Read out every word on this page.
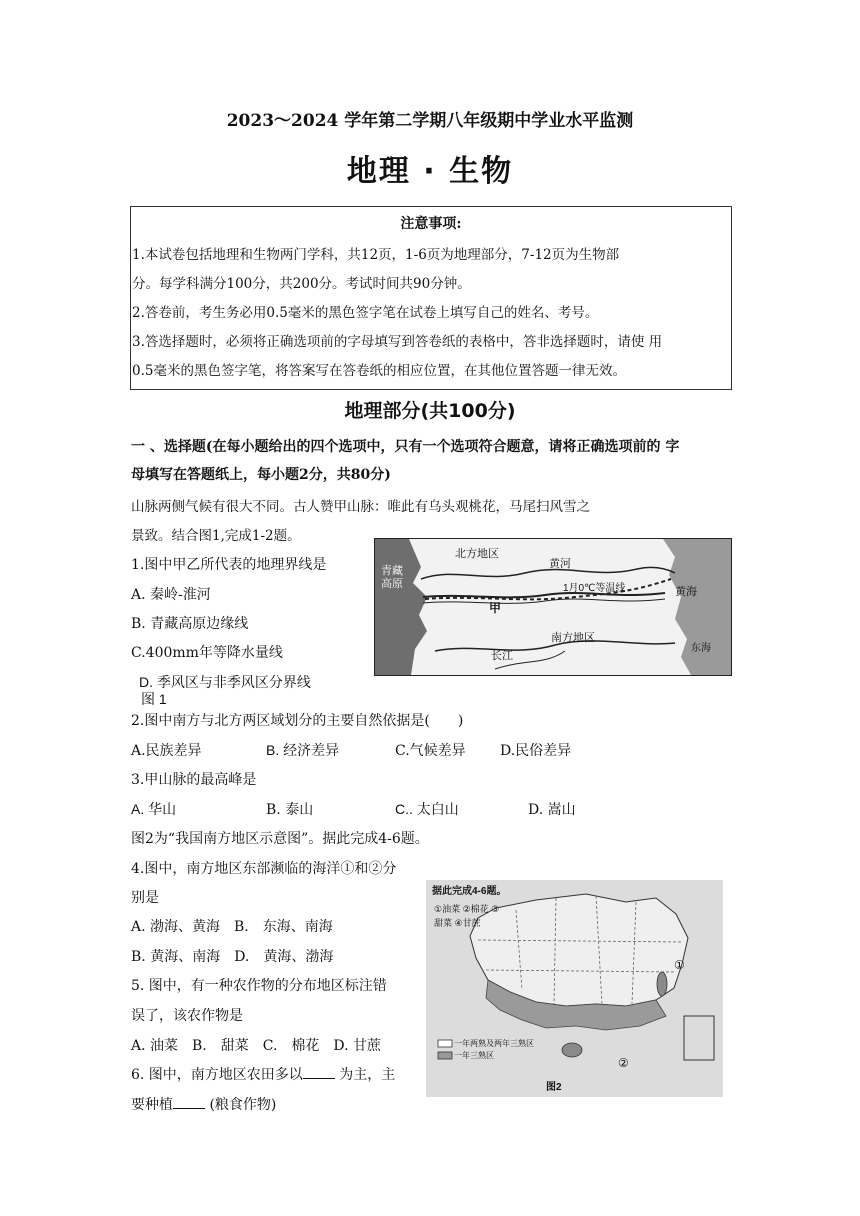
2023～2024 学年第二学期八年级期中学业水平监测
地理 · 生物
注意事项:
1.本试卷包括地理和生物两门学科，共12页，1-6页为地理部分，7-12页为生物部
分。每学科满分100分，共200分。考试时间共90分钟。
2.答卷前，考生务必用0.5毫米的黑色签字笔在试卷上填写自己的姓名、考号。
3.答选择题时，必须将正确选项前的字母填写到答卷纸的表格中，答非选择题时，请使 用
0.5毫米的黑色签字笔，将答案写在答卷纸的相应位置，在其他位置答题一律无效。
地理部分(共100分)
一 、选择题(在每小题给出的四个选项中，只有一个选项符合题意，请将正确选项前的 字
母填写在答题纸上，每小题2分，共80分)
山脉两侧气候有很大不同。古人赞甲山脉：唯此有乌头观桃花，马尾扫风雪之
景致。结合图1,完成1-2题。
1.图中甲乙所代表的地理界线是
A. 秦岭-淮河
B. 青藏高原边缘线
C.400mm年等降水量线
D. 季风区与非季风区分界线
图 1
北方地区
黄河
1月0℃等温线
青藏高原
甲
黄海
南方地区
长江
东海
2.图中南方与北方两区域划分的主要自然依据是(　　)
A.民族差异	B. 经济差异	C.气候差异 D.民俗差异
3.甲山脉的最高峰是
A. 华山	B. 泰山	C.. 太白山	D. 嵩山
图2为“我国南方地区示意图”。据此完成4-6题。
4.图中，南方地区东部濒临的海洋①和②分
别是
A. 渤海、黄海　B.　东海、南海
B. 黄海、南海　D.　黄海、渤海
5. 图中，有一种农作物的分布地区标注错
误了，该农作物是
A. 油菜　B.　甜菜　C.　棉花　D. 甘蔗
6. 图中，南方地区农田多以	为主，主
要种植	(粮食作物)
据此完成4-6题。
①油菜 ②棉花 ③甜菜 ④甘蔗
一年两熟及两年三熟区
一年三熟区
①
②
图2
